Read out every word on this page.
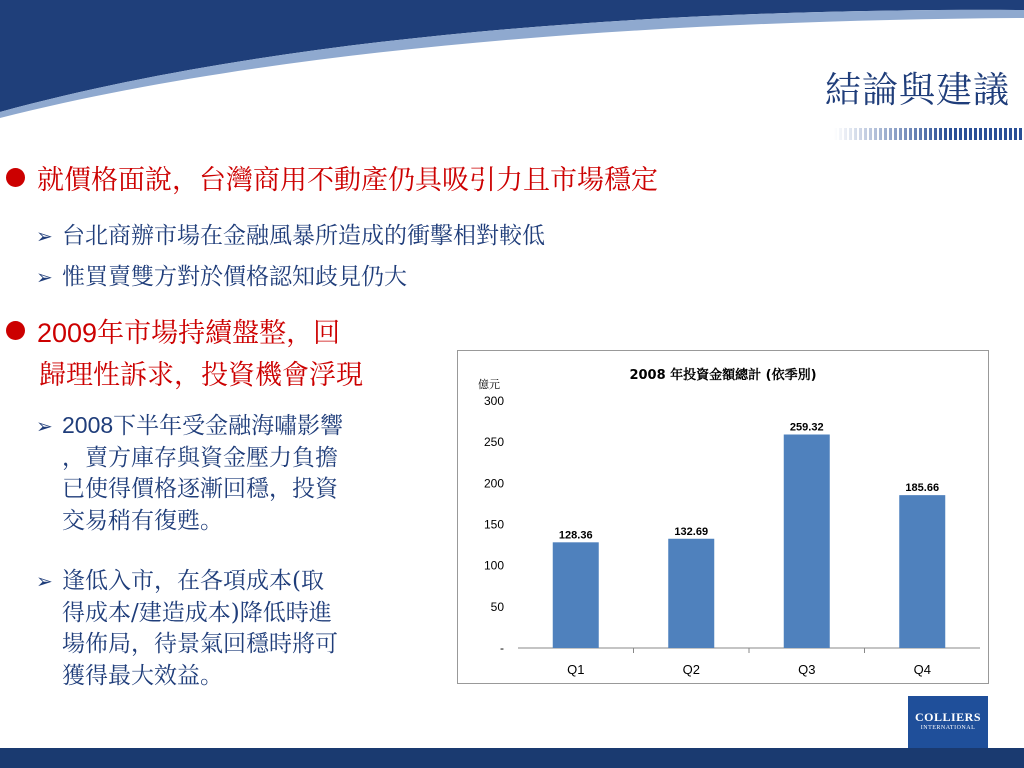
結論與建議
就價格面說，台灣商用不動產仍具吸引力且市場穩定
➢ 台北商辦市場在金融風暴所造成的衝擊相對較低
➢ 惟買賣雙方對於價格認知歧見仍大
2009年市場持續盤整，回
歸理性訴求，投資機會浮現
➢ 2008下半年受金融海嘯影響
，賣方庫存與資金壓力負擔
已使得價格逐漸回穩，投資
交易稍有復甦。
➢ 逢低入市，在各項成本(取
得成本/建造成本)降低時進
場佈局，待景氣回穩時將可
獲得最大效益。
2008 年投資金額總計 (依季別)
億元
-
50
100
150
200
250
300
128.36
Q1
132.69
Q2
259.32
Q3
185.66
Q4
COLLIERS
INTERNATIONAL
